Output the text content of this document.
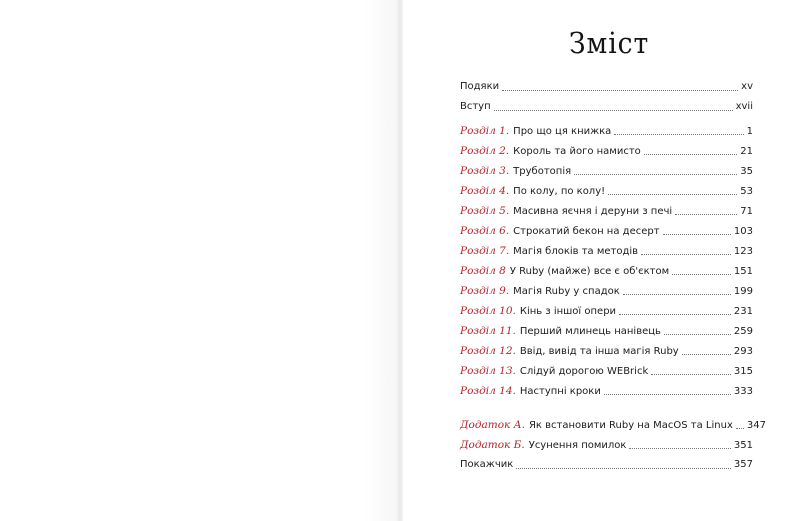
Зміст
Подяки	xv
Вступ	xvii
Розділ 1. Про що ця книжка	1
Розділ 2. Король та його намисто	21
Розділ 3. Труботопія	35
Розділ 4. По колу, по колу!	53
Розділ 5. Масивна яєчня і деруни з печі	71
Розділ 6. Строкатий бекон на десерт	103
Розділ 7. Магія блоків та методів	123
Розділ 8 У Ruby (майже) все є об'єктом	151
Розділ 9. Магія Ruby у спадок	199
Розділ 10. Кінь з іншої опери	231
Розділ 11. Перший млинець нанівець	259
Розділ 12. Ввід, вивід та інша магія Ruby	293
Розділ 13. Слідуй дорогою WEBrick	315
Розділ 14. Наступні кроки	333
Додаток А. Як встановити Ruby на MacOS та Linux 347
Додаток Б. Усунення помилок	351
Покажчик	357
